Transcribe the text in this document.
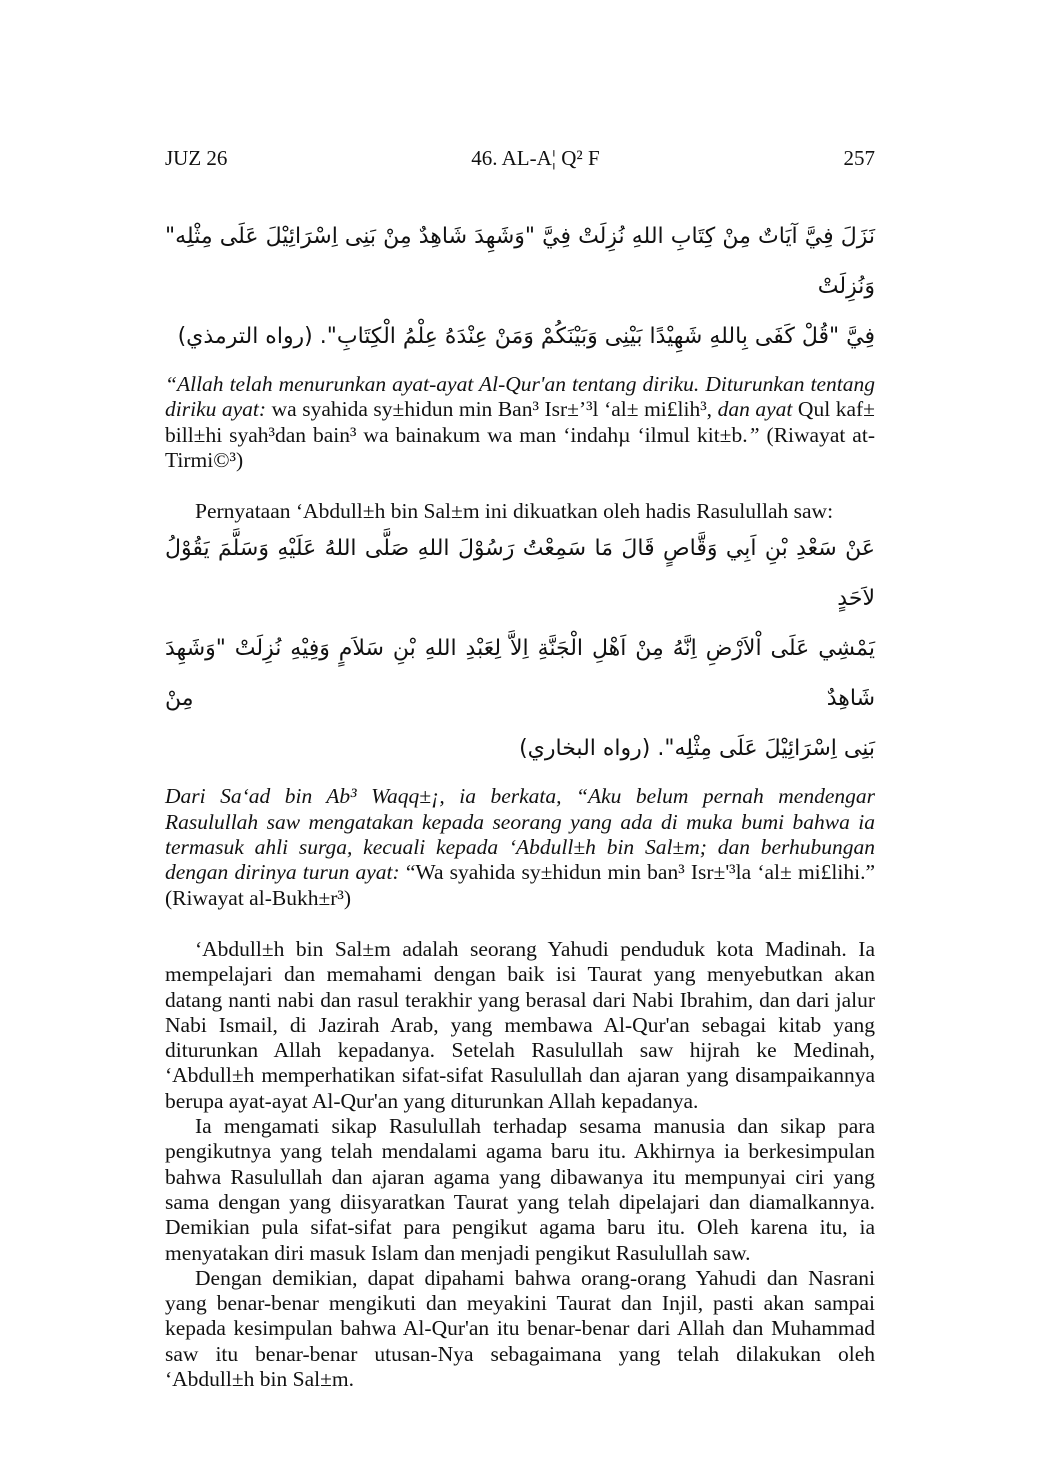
JUZ 26	46. AL-A¦ Q² F	257

نَزَلَ فِيَّ آيَاتٌ مِنْ كِتَابِ اللهِ نُزِلَتْ فِيَّ "وَشَهِدَ شَاهِدٌ مِنْ بَنِى اِسْرَائِيْلَ عَلَى مِثْلِه" وَنُزِلَتْ

فِيَّ "قُلْ كَفَى بِاللهِ شَهِيْدًا بَيْنِى وَبَيْنَكُمْ وَمَنْ عِنْدَهُ عِلْمُ الْكِتَابِ". (رواه الترمذي)

“Allah telah menurunkan ayat-ayat Al-Qur'an tentang diriku. Diturunkan tentang diriku ayat: wa syahida sy±hidun min Ban³ Isr±’³l ‘al± mi£lih³, dan ayat Qul kaf± bill±hi syah³dan bain³ wa bainakum wa man ‘indahµ ‘ilmul kit±b.” (Riwayat at-Tirmi©³)
Pernyataan ‘Abdull±h bin Sal±m ini dikuatkan oleh hadis Rasulullah saw:

عَنْ سَعْدِ بْنِ اَبِي وَقَّاصٍ قَالَ مَا سَمِعْتُ رَسُوْلَ اللهِ صَلَّى اللهُ عَلَيْهِ وَسَلَّمَ يَقُوْلُ لاَحَدٍ

يَمْشِي عَلَى اْلاَرْضِ اِنَّهُ مِنْ اَهْلِ الْجَنَّةِ اِلاَّ لِعَبْدِ اللهِ بْنِ سَلاَمٍ وَفِيْهِ نُزِلَتْ "وَشَهِدَ شَاهِدٌ مِنْ

بَنِى اِسْرَائِيْلَ عَلَى مِثْلِه". (رواه البخاري)

Dari Sa‘ad bin Ab³ Waqq±¡, ia berkata, “Aku belum pernah mendengar Rasulullah saw mengatakan kepada seorang yang ada di muka bumi bahwa ia termasuk ahli surga, kecuali kepada ‘Abdull±h bin Sal±m; dan berhubungan dengan dirinya turun ayat: “Wa syahida sy±hidun min ban³ Isr±'³la ‘al± mi£lihi.” (Riwayat al-Bukh±r³)

‘Abdull±h bin Sal±m adalah seorang Yahudi penduduk kota Madinah. Ia mempelajari dan memahami dengan baik isi Taurat yang menyebutkan akan datang nanti nabi dan rasul terakhir yang berasal dari Nabi Ibrahim, dan dari jalur Nabi Ismail, di Jazirah Arab, yang membawa Al-Qur'an sebagai kitab yang diturunkan Allah kepadanya. Setelah Rasulullah saw hijrah ke Medinah, ‘Abdull±h memperhatikan sifat-sifat Rasulullah dan ajaran yang disampaikannya berupa ayat-ayat Al-Qur'an yang diturunkan Allah kepadanya.

Ia mengamati sikap Rasulullah terhadap sesama manusia dan sikap para pengikutnya yang telah mendalami agama baru itu. Akhirnya ia berkesimpulan bahwa Rasulullah dan ajaran agama yang dibawanya itu mempunyai ciri yang sama dengan yang diisyaratkan Taurat yang telah dipelajari dan diamalkannya. Demikian pula sifat-sifat para pengikut agama baru itu. Oleh karena itu, ia menyatakan diri masuk Islam dan menjadi pengikut Rasulullah saw.

Dengan demikian, dapat dipahami bahwa orang-orang Yahudi dan Nasrani yang benar-benar mengikuti dan meyakini Taurat dan Injil, pasti akan sampai kepada kesimpulan bahwa Al-Qur'an itu benar-benar dari Allah dan Muhammad saw itu benar-benar utusan-Nya sebagaimana yang telah dilakukan oleh ‘Abdull±h bin Sal±m.
